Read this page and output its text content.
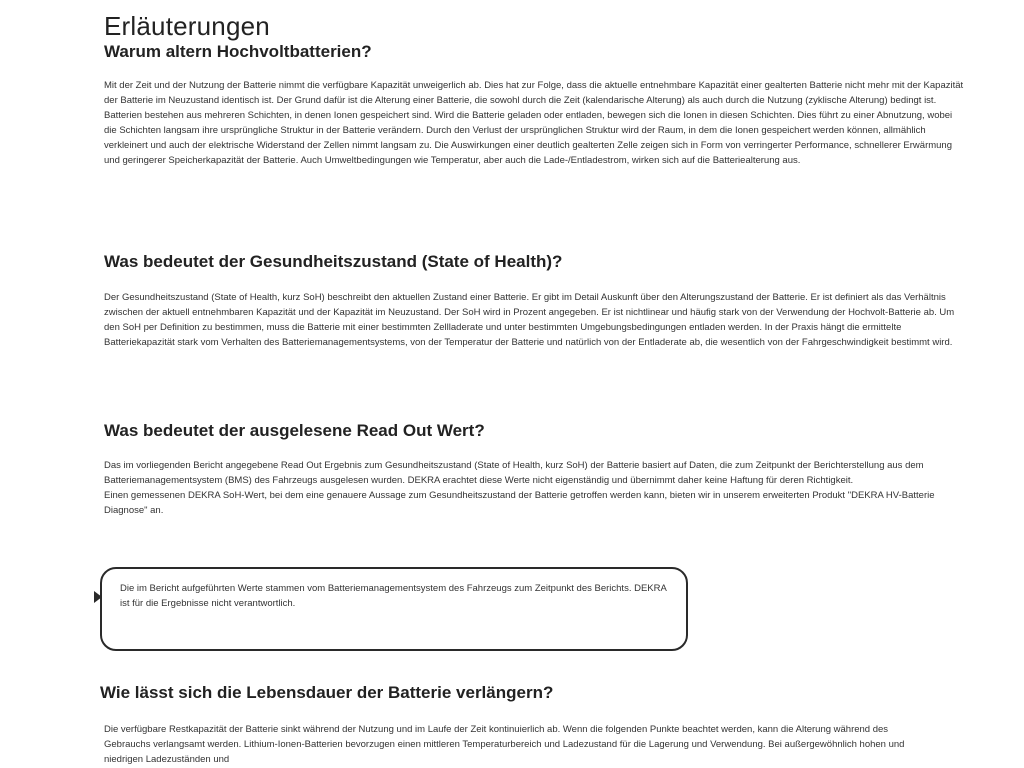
Erläuterungen
Warum altern Hochvoltbatterien?

Mit der Zeit und der Nutzung der Batterie nimmt die verfügbare Kapazität unweigerlich ab. Dies hat zur Folge, dass die aktuelle entnehmbare Kapazität einer gealterten Batterie nicht mehr mit der Kapazität der Batterie im Neuzustand identisch ist. Der Grund dafür ist die Alterung einer Batterie, die sowohl durch die Zeit (kalendarische Alterung) als auch durch die Nutzung (zyklische Alterung) bedingt ist. Batterien bestehen aus mehreren Schichten, in denen Ionen gespeichert sind. Wird die Batterie geladen oder entladen, bewegen sich die Ionen in diesen Schichten. Dies führt zu einer Abnutzung, wobei die Schichten langsam ihre ursprüngliche Struktur in der Batterie verändern. Durch den Verlust der ursprünglichen Struktur wird der Raum, in dem die Ionen gespeichert werden können, allmählich verkleinert und auch der elektrische Widerstand der Zellen nimmt langsam zu. Die Auswirkungen einer deutlich gealterten Zelle zeigen sich in Form von verringerter Performance, schnellerer Erwärmung und geringerer Speicherkapazität der Batterie. Auch Umweltbedingungen wie Temperatur, aber auch die Lade-/Entladestrom, wirken sich auf die Batteriealterung aus.

Was bedeutet der Gesundheitszustand (State of Health)?

Der Gesundheitszustand (State of Health, kurz SoH) beschreibt den aktuellen Zustand einer Batterie. Er gibt im Detail Auskunft über den Alterungszustand der Batterie. Er ist definiert als das Verhältnis zwischen der aktuell entnehmbaren Kapazität und der Kapazität im Neuzustand. Der SoH wird in Prozent angegeben. Er ist nichtlinear und häufig stark von der Verwendung der Hochvolt-Batterie ab. Um den SoH per Definition zu bestimmen, muss die Batterie mit einer bestimmten Zellladerate und unter bestimmten Umgebungsbedingungen entladen werden. In der Praxis hängt die ermittelte Batteriekapazität stark vom Verhalten des Batteriemanagementsystems, von der Temperatur der Batterie und natürlich von der Entladerate ab, die wesentlich von der Fahrgeschwindigkeit bestimmt wird.

Was bedeutet der ausgelesene Read Out Wert?

Das im vorliegenden Bericht angegebene Read Out Ergebnis zum Gesundheitszustand (State of Health, kurz SoH) der Batterie basiert auf Daten, die zum Zeitpunkt der Berichterstellung aus dem Batteriemanagementsystem (BMS) des Fahrzeugs ausgelesen wurden. DEKRA erachtet diese Werte nicht eigenständig und übernimmt daher keine Haftung für deren Richtigkeit.
Einen gemessenen DEKRA SoH-Wert, bei dem eine genauere Aussage zum Gesundheitszustand der Batterie getroffen werden kann, bieten wir in unserem erweiterten Produkt "DEKRA HV-Batterie Diagnose" an.

Die im Bericht aufgeführten Werte stammen vom Batteriemanagementsystem des Fahrzeugs zum Zeitpunkt des Berichts. DEKRA ist für die Ergebnisse nicht verantwortlich.

Wie lässt sich die Lebensdauer der Batterie verlängern?

Die verfügbare Restkapazität der Batterie sinkt während der Nutzung und im Laufe der Zeit kontinuierlich ab. Wenn die folgenden Punkte beachtet werden, kann die Alterung während des Gebrauchs verlangsamt werden. Lithium-Ionen-Batterien bevorzugen einen mittleren Temperaturbereich und Ladezustand für die Lagerung und Verwendung. Bei außergewöhnlich hohen und niedrigen Ladezuständen und
